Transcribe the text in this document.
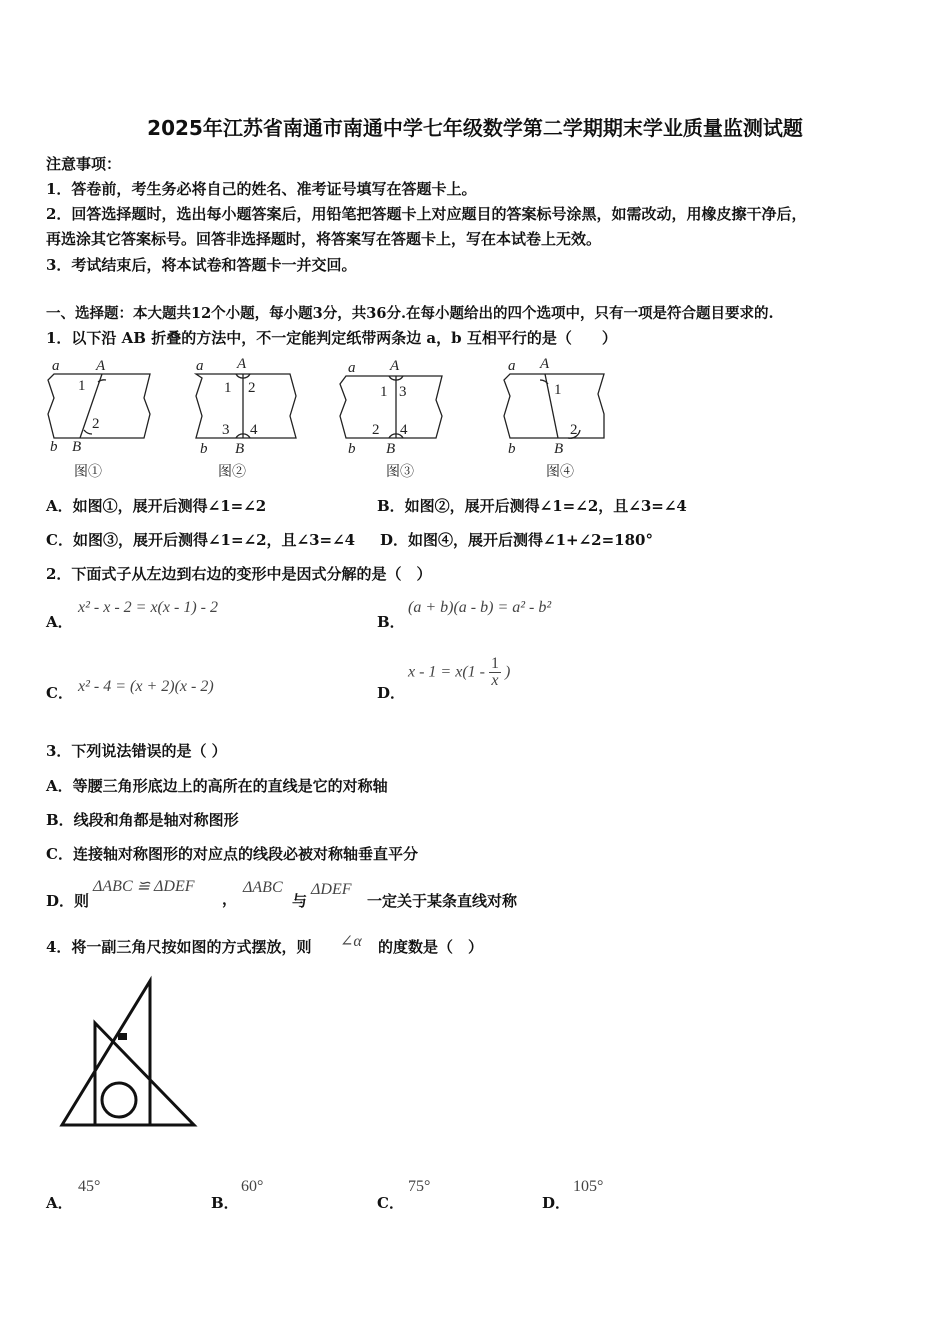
2025年江苏省南通市南通中学七年级数学第二学期期末学业质量监测试题
注意事项：
1．答卷前，考生务必将自己的姓名、准考证号填写在答题卡上。
2．回答选择题时，选出每小题答案后，用铅笔把答题卡上对应题目的答案标号涂黑，如需改动，用橡皮擦干净后，
再选涂其它答案标号。回答非选择题时，将答案写在答题卡上，写在本试卷上无效。
3．考试结束后，将本试卷和答题卡一并交回。
一、选择题：本大题共12个小题，每小题3分，共36分.在每小题给出的四个选项中，只有一项是符合题目要求的.
1．以下沿 AB 折叠的方法中，不一定能判定纸带两条边 a，b 互相平行的是（　　）
a A
1
2
b B
a A
1 2
3 4
b B
a A
1 3
2 4
b B
a A
1
2
b	B
图①	图②	图③	图④
A．如图①，展开后测得∠1=∠2	B．如图②，展开后测得∠1=∠2，且∠3=∠4
C．如图③，展开后测得∠1=∠2，且∠3=∠4 D．如图④，展开后测得∠1+∠2=180°
2．下面式子从左边到右边的变形中是因式分解的是（　）
A．
x² - x - 2 = x(x - 1) - 2
B．
(a + b)(a - b) = a² - b²
C． x² - 4 = (x + 2)(x - 2)	D．
$x - 1 = x(1 - \frac{1}{x}$ )
3．下列说法错误的是（ ）
A．等腰三角形底边上的高所在的直线是它的对称轴
B．线段和角都是轴对称图形
C．连接轴对称图形的对应点的线段必被对称轴垂直平分
D．则
ΔABC ≌ ΔDEF
，
ΔABC
与
ΔDEF
一定关于某条直线对称
4．将一副三角尺按如图的方式摆放，则 ∠α 的度数是（　）
A．
45°
B．
60°
C．
75°
D．
105°
